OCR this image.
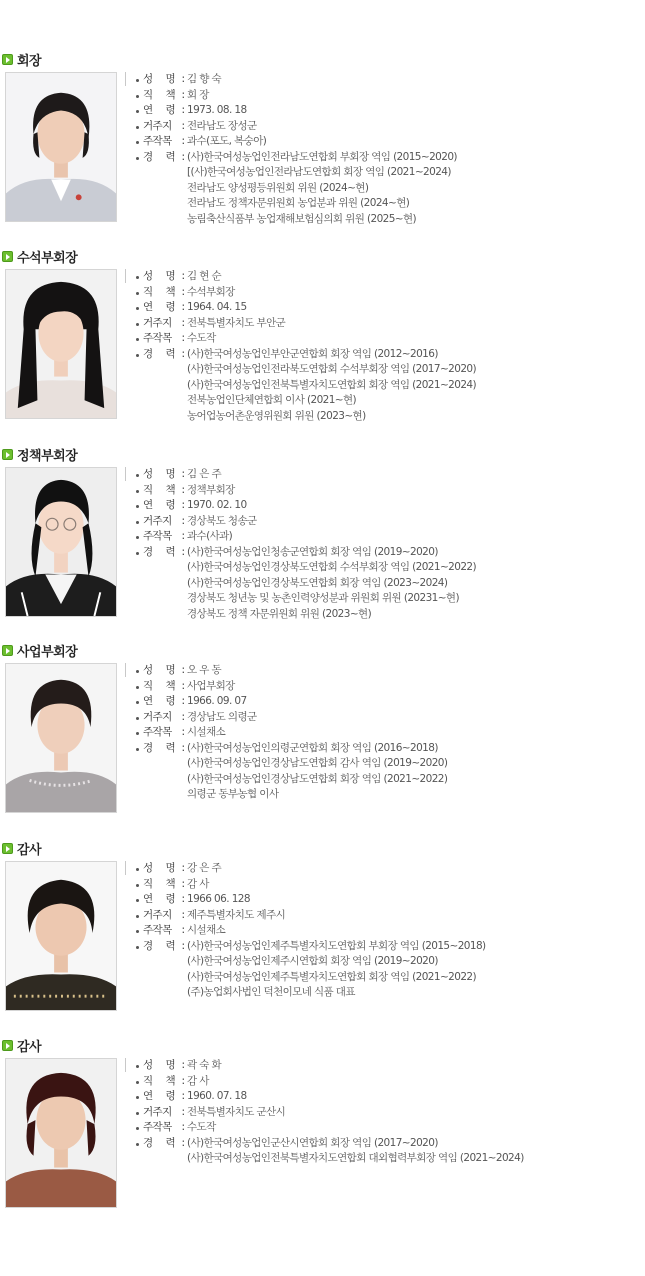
회장
성 명 : 김 향 숙
직 책 : 회 장
연 령 : 1973. 08. 18
거주지 : 전라남도 장성군
주작목 : 과수(포도, 복숭아)
경 력 : (사)한국여성농업인전라남도연합회 부회장 역임 (2015~2020)
[(사)한국여성농업인전라남도연합회 회장 역임 (2021~2024)
전라남도 양성평등위원회 위원 (2024~현)
전라남도 정책자문위원회 농업분과 위원 (2024~현)
농림축산식품부 농업재해보험심의회 위원 (2025~현)
수석부회장
성 명 : 김 현 순
직 책 : 수석부회장
연 령 : 1964. 04. 15
거주지 : 전북특별자치도 부안군
주작목 : 수도작
경 력 : (사)한국여성농업인부안군연합회 회장 역임 (2012~2016)
(사)한국여성농업인전라북도연합회 수석부회장 역임 (2017~2020)
(사)한국여성농업인전북특별자치도연합회 회장 역임 (2021~2024)
전북농업인단체연합회 이사 (2021~현)
농어업농어촌운영위원회 위원 (2023~현)
정책부회장
성 명 : 김 은 주
직 책 : 정책부회장
연 령 : 1970. 02. 10
거주지 : 경상북도 청송군
주작목 : 과수(사과)
경 력 : (사)한국여성농업인청송군연합회 회장 역임 (2019~2020)
(사)한국여성농업인경상북도연합회 수석부회장 역임 (2021~2022)
(사)한국여성농업인경상북도연합회 회장 역임 (2023~2024)
경상북도 청년농 및 농촌인력양성분과 위원회 위원 (20231~현)
경상북도 정책 자문위원회 위원 (2023~현)
사업부회장
성 명 : 오 우 동
직 책 : 사업부회장
연 령 : 1966. 09. 07
거주지 : 경상남도 의령군
주작목 : 시설채소
경 력 : (사)한국여성농업인의령군연합회 회장 역임 (2016~2018)
(사)한국여성농업인경상남도연합회 감사 역임 (2019~2020)
(사)한국여성농업인경상남도연합회 회장 역임 (2021~2022)
의령군 동부농협 이사
감사
성 명 : 강 은 주
직 책 : 감 사
연 령 : 1966 06. 128
거주지 : 제주특별자치도 제주시
주작목 : 시설채소
경 력 : (사)한국여성농업인제주특별자치도연합회 부회장 역임 (2015~2018)
(사)한국여성농업인제주시연합회 회장 역임 (2019~2020)
(사)한국여성농업인제주특별자치도연합회 회장 역임 (2021~2022)
(주)농업회사법인 덕천이모네 식품 대표
감사
성 명 : 곽 숙 화
직 책 : 감 사
연 령 : 1960. 07. 18
거주지 : 전북특별자치도 군산시
주작목 : 수도작
경 력 : (사)한국여성농업인군산시연합회 회장 역임 (2017~2020)
(사)한국여성농업인전북특별자치도연합회 대외협력부회장 역임 (2021~2024)
